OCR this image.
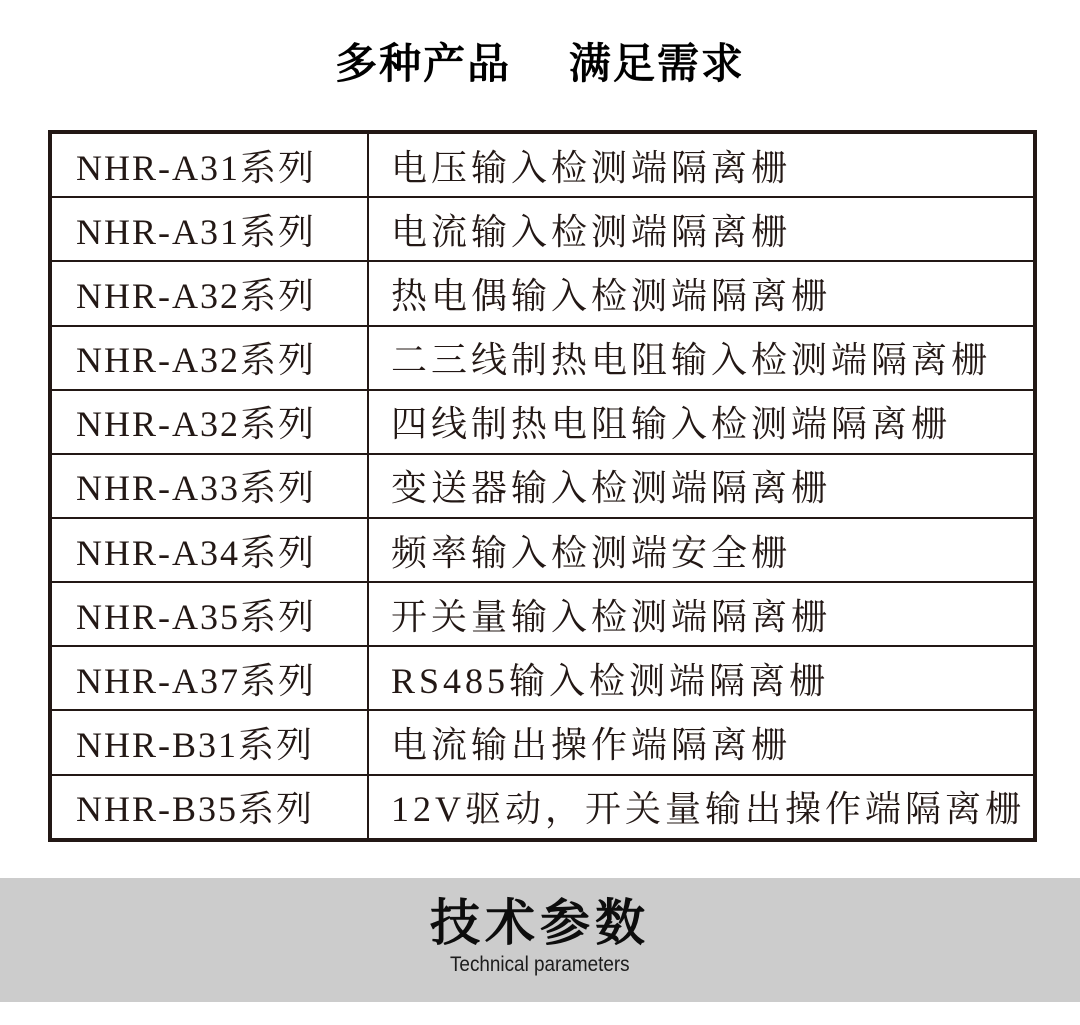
多种产品　 满足需求
NHR-A31系列	电压输入检测端隔离栅
NHR-A31系列	电流输入检测端隔离栅
NHR-A32系列	热电偶输入检测端隔离栅
NHR-A32系列	二三线制热电阻输入检测端隔离栅
NHR-A32系列	四线制热电阻输入检测端隔离栅
NHR-A33系列	变送器输入检测端隔离栅
NHR-A34系列	频率输入检测端安全栅
NHR-A35系列	开关量输入检测端隔离栅
NHR-A37系列	RS485输入检测端隔离栅
NHR-B31系列	电流输出操作端隔离栅
NHR-B35系列	12V驱动，开关量输出操作端隔离栅
技术参数
Technical parameters
